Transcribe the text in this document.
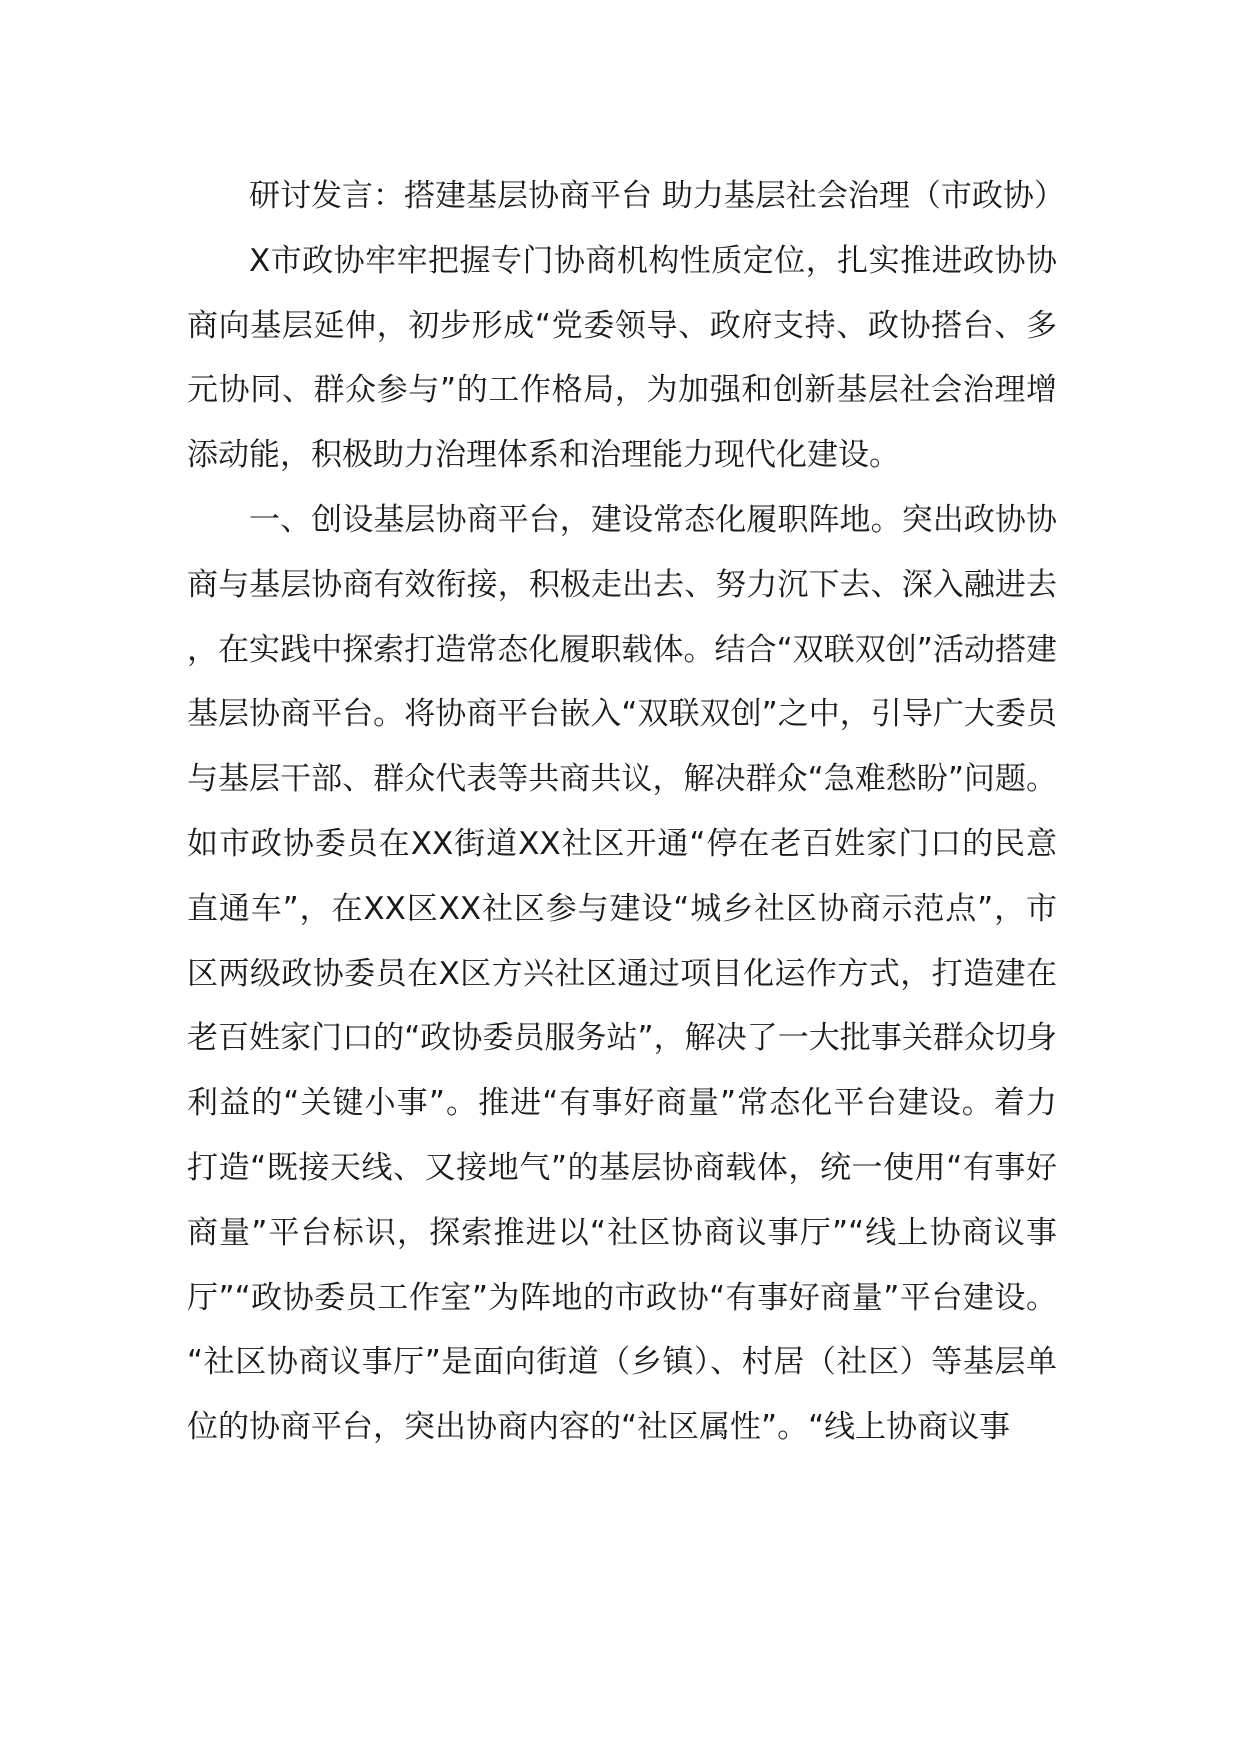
研讨发言：搭建基层协商平台 助力基层社会治理（市政协）

X市政协牢牢把握专门协商机构性质定位，扎实推进政协协商向基层延伸，初步形成“党委领导、政府支持、政协搭台、多元协同、群众参与”的工作格局，为加强和创新基层社会治理增添动能，积极助力治理体系和治理能力现代化建设。

一、创设基层协商平台，建设常态化履职阵地。突出政协协商与基层协商有效衔接，积极走出去、努力沉下去、深入融进去，在实践中探索打造常态化履职载体。结合“双联双创”活动搭建基层协商平台。将协商平台嵌入“双联双创”之中，引导广大委员与基层干部、群众代表等共商共议，解决群众“急难愁盼”问题。如市政协委员在XX街道XX社区开通“停在老百姓家门口的民意直通车”，在XX区XX社区参与建设“城乡社区协商示范点”，市区两级政协委员在X区方兴社区通过项目化运作方式，打造建在老百姓家门口的“政协委员服务站”，解决了一大批事关群众切身利益的“关键小事”。推进“有事好商量”常态化平台建设。着力打造“既接天线、又接地气”的基层协商载体，统一使用“有事好商量”平台标识，探索推进以“社区协商议事厅”“线上协商议事厅”“政协委员工作室”为阵地的市政协“有事好商量”平台建设。“社区协商议事厅”是面向街道（乡镇）、村居（社区）等基层单位的协商平台，突出协商内容的“社区属性”。“线上协商议事
